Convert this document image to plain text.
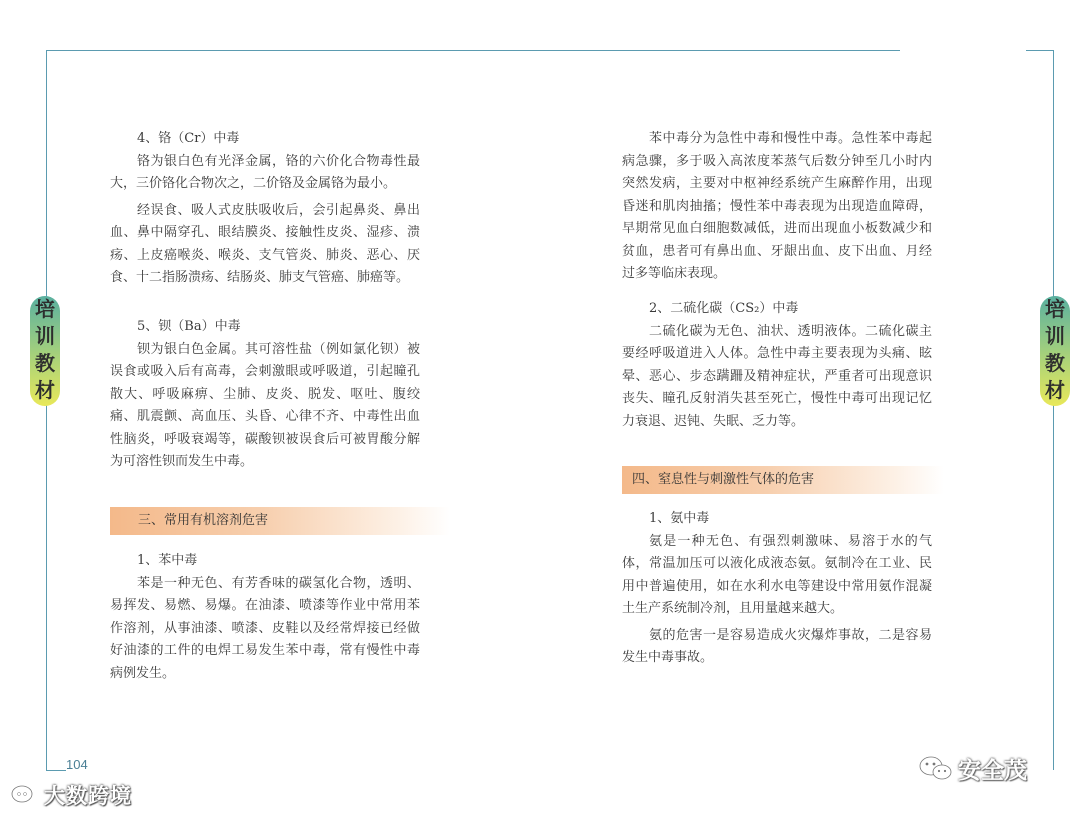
培
训
教
材
培
训
教
材
4、铬（Cr）中毒

铬为银白色有光泽金属，铬的六价化合物毒性最大，三价铬化合物次之，二价铬及金属铬为最小。

经误食、吸人式皮肤吸收后，会引起鼻炎、鼻出血、鼻中隔穿孔、眼结膜炎、接触性皮炎、湿疹、溃疡、上皮癌喉炎、喉炎、支气管炎、肺炎、恶心、厌食、十二指肠溃疡、结肠炎、肺支气管癌、肺癌等。

5、钡（Ba）中毒

钡为银白色金属。其可溶性盐（例如氯化钡）被误食或吸入后有高毒，会刺激眼或呼吸道，引起瞳孔散大、呼吸麻痹、尘肺、皮炎、脱发、呕吐、腹绞痛、肌震颤、高血压、头昏、心律不齐、中毒性出血性脑炎，呼吸衰竭等，碳酸钡被误食后可被胃酸分解为可溶性钡而发生中毒。

三、常用有机溶剂危害
1、苯中毒

苯是一种无色、有芳香味的碳氢化合物，透明、易挥发、易燃、易爆。在油漆、喷漆等作业中常用苯作溶剂，从事油漆、喷漆、皮鞋以及经常焊接已经做好油漆的工件的电焊工易发生苯中毒，常有慢性中毒病例发生。

苯中毒分为急性中毒和慢性中毒。急性苯中毒起病急骤，多于吸入高浓度苯蒸气后数分钟至几小时内突然发病，主要对中枢神经系统产生麻醉作用，出现昏迷和肌肉抽搐；慢性苯中毒表现为出现造血障碍，早期常见血白细胞数减低，进而出现血小板数减少和贫血，患者可有鼻出血、牙龈出血、皮下出血、月经过多等临床表现。

2、二硫化碳（CS₂）中毒

二硫化碳为无色、油状、透明液体。二硫化碳主要经呼吸道进入人体。急性中毒主要表现为头痛、眩晕、恶心、步态蹒跚及精神症状，严重者可出现意识丧失、瞳孔反射消失甚至死亡，慢性中毒可出现记忆力衰退、迟钝、失眠、乏力等。

四、窒息性与刺激性气体的危害
1、氨中毒

氨是一种无色、有强烈刺激味、易溶于水的气体，常温加压可以液化成液态氨。氨制冷在工业、民用中普遍使用，如在水利水电等建设中常用氨作混凝土生产系统制冷剂，且用量越来越大。

氨的危害一是容易造成火灾爆炸事故，二是容易发生中毒事故。

104
大数跨境
安全茂
